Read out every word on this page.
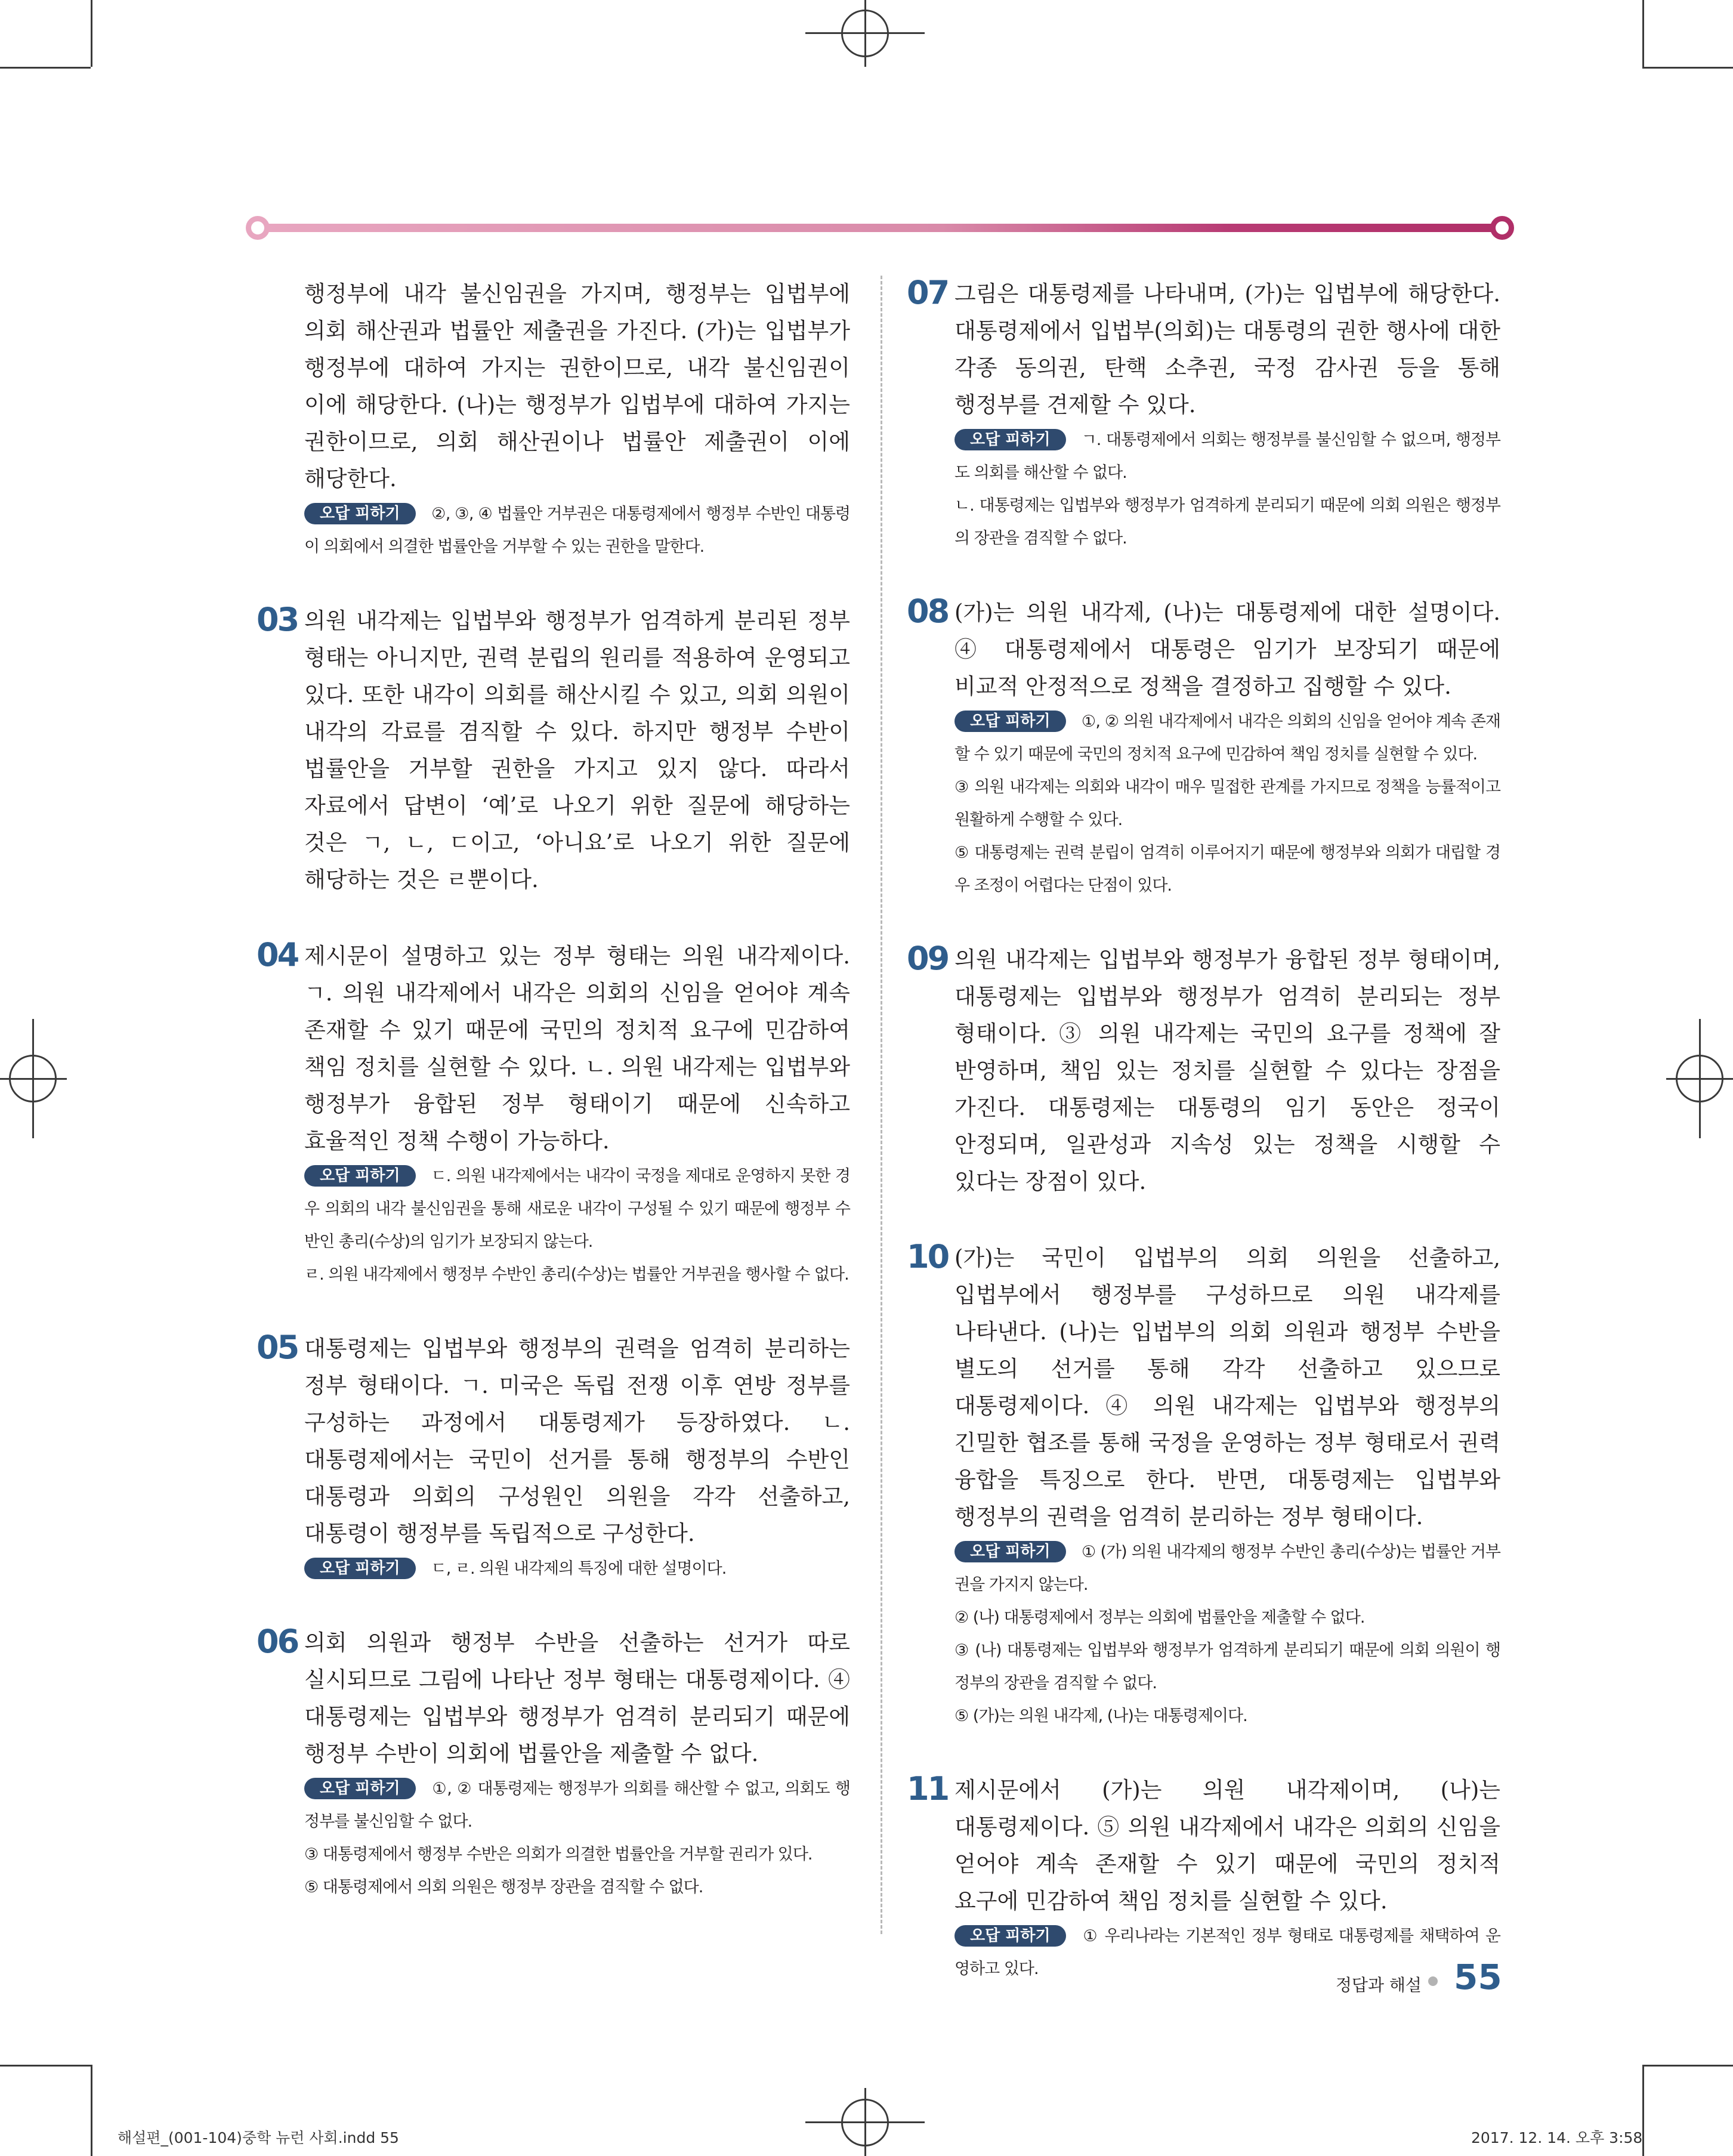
행정부에 내각 불신임권을 가지며, 행정부는 입법부에 의회 해산권과 법률안 제출권을 가진다. (가)는 입법부가 행정부에 대하여 가지는 권한이므로, 내각 불신임권이 이에 해당한다. (나)는 행정부가 입법부에 대하여 가지는 권한이므로, 의회 해산권이나 법률안 제출권이 이에 해당한다.

오답 피하기 ②, ③, ④ 법률안 거부권은 대통령제에서 행정부 수반인 대통령이 의회에서 의결한 법률안을 거부할 수 있는 권한을 말한다.

03 의원 내각제는 입법부와 행정부가 엄격하게 분리된 정부 형태는 아니지만, 권력 분립의 원리를 적용하여 운영되고 있다. 또한 내각이 의회를 해산시킬 수 있고, 의회 의원이 내각의 각료를 겸직할 수 있다. 하지만 행정부 수반이 법률안을 거부할 권한을 가지고 있지 않다. 따라서 자료에서 답변이 ‘예’로 나오기 위한 질문에 해당하는 것은 ㄱ, ㄴ, ㄷ이고, ‘아니요’로 나오기 위한 질문에 해당하는 것은 ㄹ뿐이다.

04 제시문이 설명하고 있는 정부 형태는 의원 내각제이다. ㄱ. 의원 내각제에서 내각은 의회의 신임을 얻어야 계속 존재할 수 있기 때문에 국민의 정치적 요구에 민감하여 책임 정치를 실현할 수 있다. ㄴ. 의원 내각제는 입법부와 행정부가 융합된 정부 형태이기 때문에 신속하고 효율적인 정책 수행이 가능하다.

오답 피하기 ㄷ. 의원 내각제에서는 내각이 국정을 제대로 운영하지 못한 경우 의회의 내각 불신임권을 통해 새로운 내각이 구성될 수 있기 때문에 행정부 수반인 총리(수상)의 임기가 보장되지 않는다.

ㄹ. 의원 내각제에서 행정부 수반인 총리(수상)는 법률안 거부권을 행사할 수 없다.

05 대통령제는 입법부와 행정부의 권력을 엄격히 분리하는 정부 형태이다. ㄱ. 미국은 독립 전쟁 이후 연방 정부를 구성하는 과정에서 대통령제가 등장하였다. ㄴ. 대통령제에서는 국민이 선거를 통해 행정부의 수반인 대통령과 의회의 구성원인 의원을 각각 선출하고, 대통령이 행정부를 독립적으로 구성한다.

오답 피하기 ㄷ, ㄹ. 의원 내각제의 특징에 대한 설명이다.

06 의회 의원과 행정부 수반을 선출하는 선거가 따로 실시되므로 그림에 나타난 정부 형태는 대통령제이다. ④ 대통령제는 입법부와 행정부가 엄격히 분리되기 때문에 행정부 수반이 의회에 법률안을 제출할 수 없다.

오답 피하기 ①, ② 대통령제는 행정부가 의회를 해산할 수 없고, 의회도 행정부를 불신임할 수 없다.

③ 대통령제에서 행정부 수반은 의회가 의결한 법률안을 거부할 권리가 있다.

⑤ 대통령제에서 의회 의원은 행정부 장관을 겸직할 수 없다.

07 그림은 대통령제를 나타내며, (가)는 입법부에 해당한다. 대통령제에서 입법부(의회)는 대통령의 권한 행사에 대한 각종 동의권, 탄핵 소추권, 국정 감사권 등을 통해 행정부를 견제할 수 있다.

오답 피하기 ㄱ. 대통령제에서 의회는 행정부를 불신임할 수 없으며, 행정부도 의회를 해산할 수 없다.

ㄴ. 대통령제는 입법부와 행정부가 엄격하게 분리되기 때문에 의회 의원은 행정부의 장관을 겸직할 수 없다.

08 (가)는 의원 내각제, (나)는 대통령제에 대한 설명이다. ④ 대통령제에서 대통령은 임기가 보장되기 때문에 비교적 안정적으로 정책을 결정하고 집행할 수 있다.

오답 피하기 ①, ② 의원 내각제에서 내각은 의회의 신임을 얻어야 계속 존재할 수 있기 때문에 국민의 정치적 요구에 민감하여 책임 정치를 실현할 수 있다.

③ 의원 내각제는 의회와 내각이 매우 밀접한 관계를 가지므로 정책을 능률적이고 원활하게 수행할 수 있다.

⑤ 대통령제는 권력 분립이 엄격히 이루어지기 때문에 행정부와 의회가 대립할 경우 조정이 어렵다는 단점이 있다.

09 의원 내각제는 입법부와 행정부가 융합된 정부 형태이며, 대통령제는 입법부와 행정부가 엄격히 분리되는 정부 형태이다. ③ 의원 내각제는 국민의 요구를 정책에 잘 반영하며, 책임 있는 정치를 실현할 수 있다는 장점을 가진다. 대통령제는 대통령의 임기 동안은 정국이 안정되며, 일관성과 지속성 있는 정책을 시행할 수 있다는 장점이 있다.

10 (가)는 국민이 입법부의 의회 의원을 선출하고, 입법부에서 행정부를 구성하므로 의원 내각제를 나타낸다. (나)는 입법부의 의회 의원과 행정부 수반을 별도의 선거를 통해 각각 선출하고 있으므로 대통령제이다. ④ 의원 내각제는 입법부와 행정부의 긴밀한 협조를 통해 국정을 운영하는 정부 형태로서 권력 융합을 특징으로 한다. 반면, 대통령제는 입법부와 행정부의 권력을 엄격히 분리하는 정부 형태이다.

오답 피하기 ① (가) 의원 내각제의 행정부 수반인 총리(수상)는 법률안 거부권을 가지지 않는다.

② (나) 대통령제에서 정부는 의회에 법률안을 제출할 수 없다.

③ (나) 대통령제는 입법부와 행정부가 엄격하게 분리되기 때문에 의회 의원이 행정부의 장관을 겸직할 수 없다.

⑤ (가)는 의원 내각제, (나)는 대통령제이다.

11 제시문에서 (가)는 의원 내각제이며, (나)는 대통령제이다. ⑤ 의원 내각제에서 내각은 의회의 신임을 얻어야 계속 존재할 수 있기 때문에 국민의 정치적 요구에 민감하여 책임 정치를 실현할 수 있다.

오답 피하기 ① 우리나라는 기본적인 정부 형태로 대통령제를 채택하여 운영하고 있다.

정답과 해설 55
해설편_(001-104)중학 뉴런 사회.indd 55	2017. 12. 14. 오후 3:58
